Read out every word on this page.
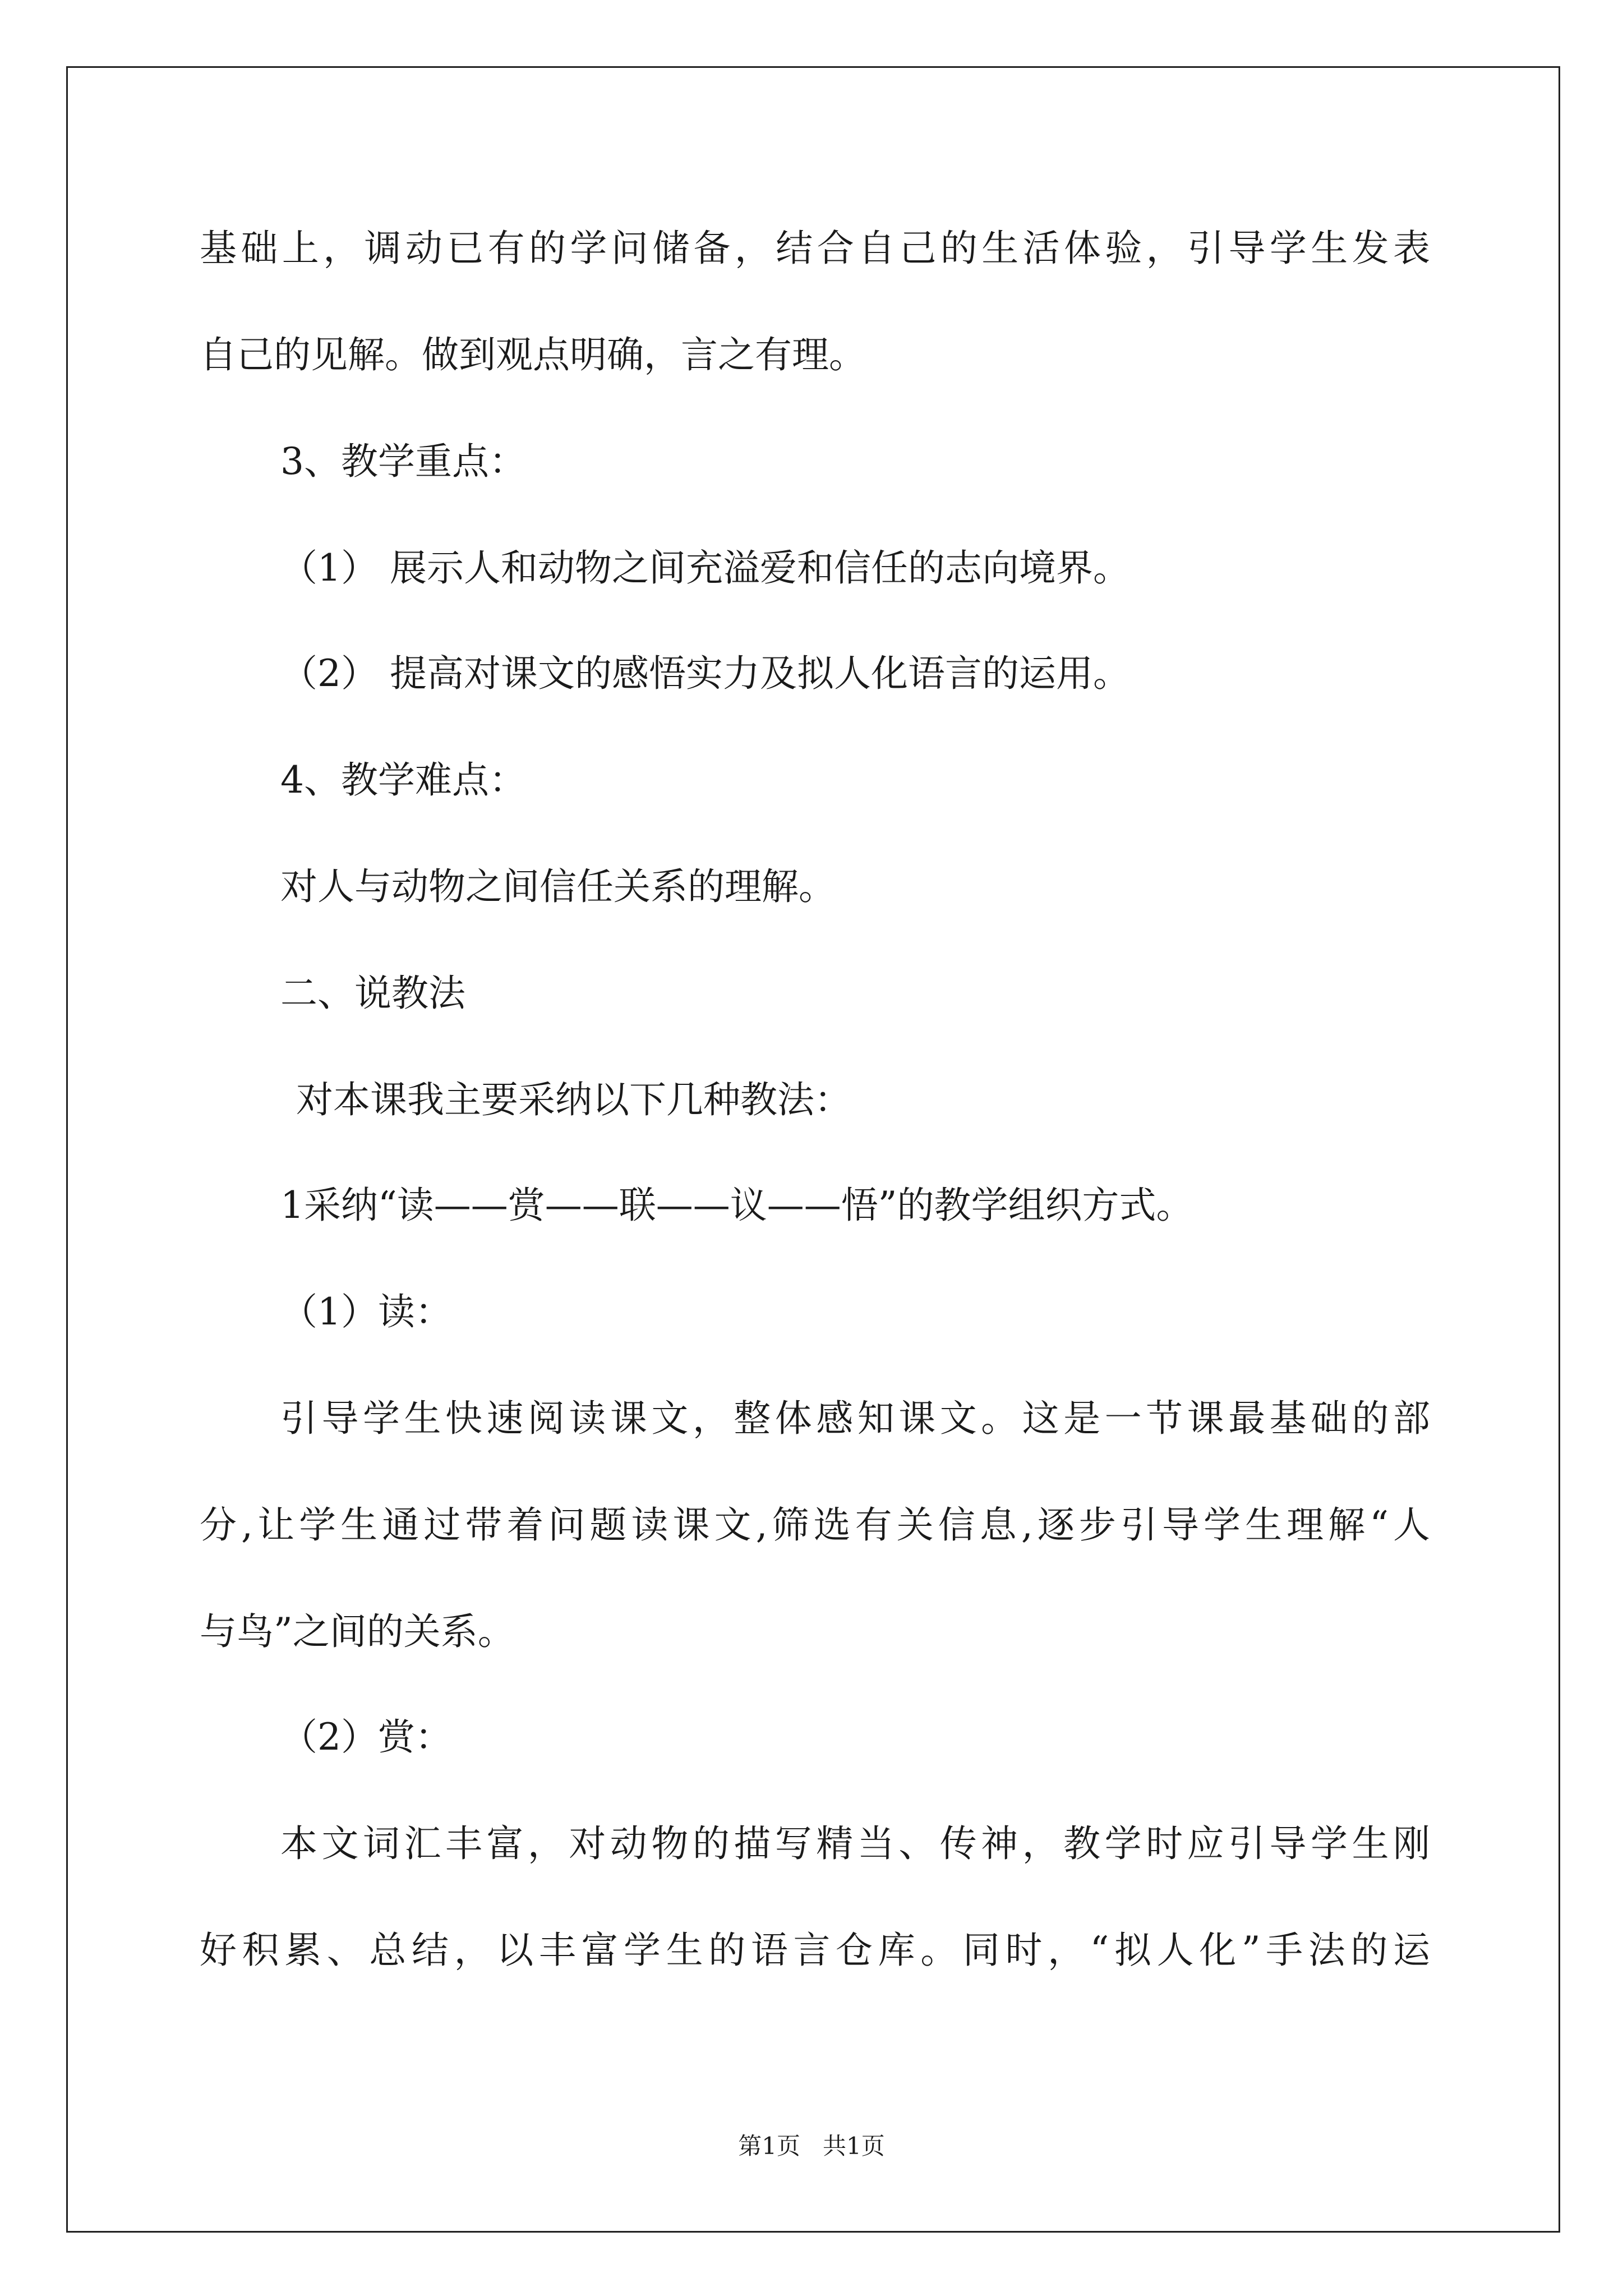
基础上，调动已有的学问储备，结合自己的生活体验，引导学生发表

自己的见解。做到观点明确，言之有理。

3、教学重点：

（1） 展示人和动物之间充溢爱和信任的志向境界。

（2） 提高对课文的感悟实力及拟人化语言的运用。

4、教学难点：

对人与动物之间信任关系的理解。

二、说教法

对本课我主要采纳以下几种教法：

1采纳“读——赏——联——议——悟”的教学组织方式。

（1）读：

引导学生快速阅读课文，整体感知课文。这是一节课最基础的部

分,让学生通过带着问题读课文,筛选有关信息,逐步引导学生理解“人

与鸟”之间的关系。

（2）赏：

本文词汇丰富，对动物的描写精当、传神，教学时应引导学生刚

好积累、总结，以丰富学生的语言仓库。同时，“拟人化”手法的运

第1页   共1页
